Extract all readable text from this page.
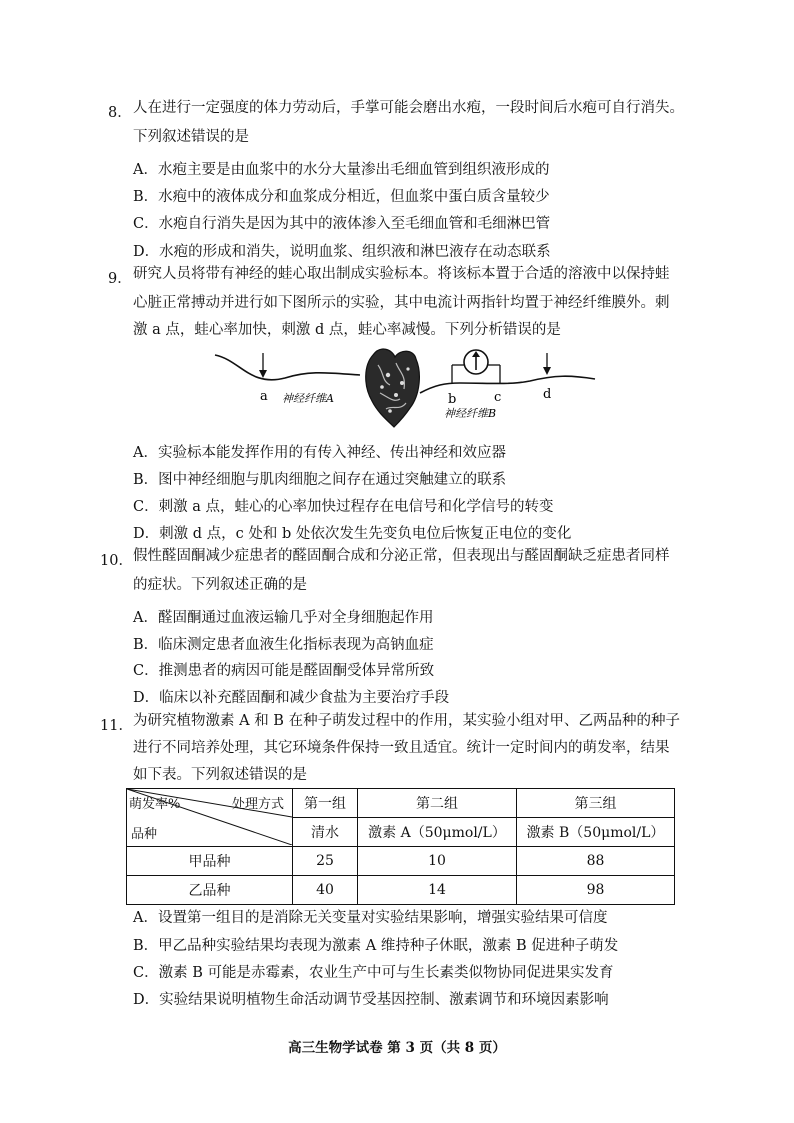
8． 人在进行一定强度的体力劳动后，手掌可能会磨出水疱，一段时间后水疱可自行消失。
下列叙述错误的是
A．水疱主要是由血浆中的水分大量渗出毛细血管到组织液形成的
B．水疱中的液体成分和血浆成分相近，但血浆中蛋白质含量较少
C．水疱自行消失是因为其中的液体渗入至毛细血管和毛细淋巴管
D．水疱的形成和消失，说明血浆、组织液和淋巴液存在动态联系
9． 研究人员将带有神经的蛙心取出制成实验标本。将该标本置于合适的溶液中以保持蛙
心脏正常搏动并进行如下图所示的实验，其中电流计两指针均置于神经纤维膜外。刺
激 a 点，蛙心率加快，刺激 d 点，蛙心率减慢。下列分析错误的是
a 神经纤维A	b	c
神经纤维B
d
A．实验标本能发挥作用的有传入神经、传出神经和效应器
B．图中神经细胞与肌肉细胞之间存在通过突触建立的联系
C．刺激 a 点，蛙心的心率加快过程存在电信号和化学信号的转变
D．刺激 d 点，c 处和 b 处依次发生先变负电位后恢复正电位的变化
10． 假性醛固酮减少症患者的醛固酮合成和分泌正常，但表现出与醛固酮缺乏症患者同样
的症状。下列叙述正确的是
A．醛固酮通过血液运输几乎对全身细胞起作用
B．临床测定患者血液生化指标表现为高钠血症
C．推测患者的病因可能是醛固酮受体异常所致
D．临床以补充醛固酮和减少食盐为主要治疗手段
11． 为研究植物激素 A 和 B 在种子萌发过程中的作用，某实验小组对甲、乙两品种的种子
进行不同培养处理，其它环境条件保持一致且适宜。统计一定时间内的萌发率，结果
如下表。下列叙述错误的是
萌发率% 处理方式
品种	第一组	第二组	第三组
	清水	激素 A（50μmol/L）	激素 B（50μmol/L）
甲品种	25	10	88
乙品种	40	14	98
A．设置第一组目的是消除无关变量对实验结果影响，增强实验结果可信度
B．甲乙品种实验结果均表现为激素 A 维持种子休眠，激素 B 促进种子萌发
C．激素 B 可能是赤霉素，农业生产中可与生长素类似物协同促进果实发育
D．实验结果说明植物生命活动调节受基因控制、激素调节和环境因素影响
高三生物学试卷 第 3 页（共 8 页）
